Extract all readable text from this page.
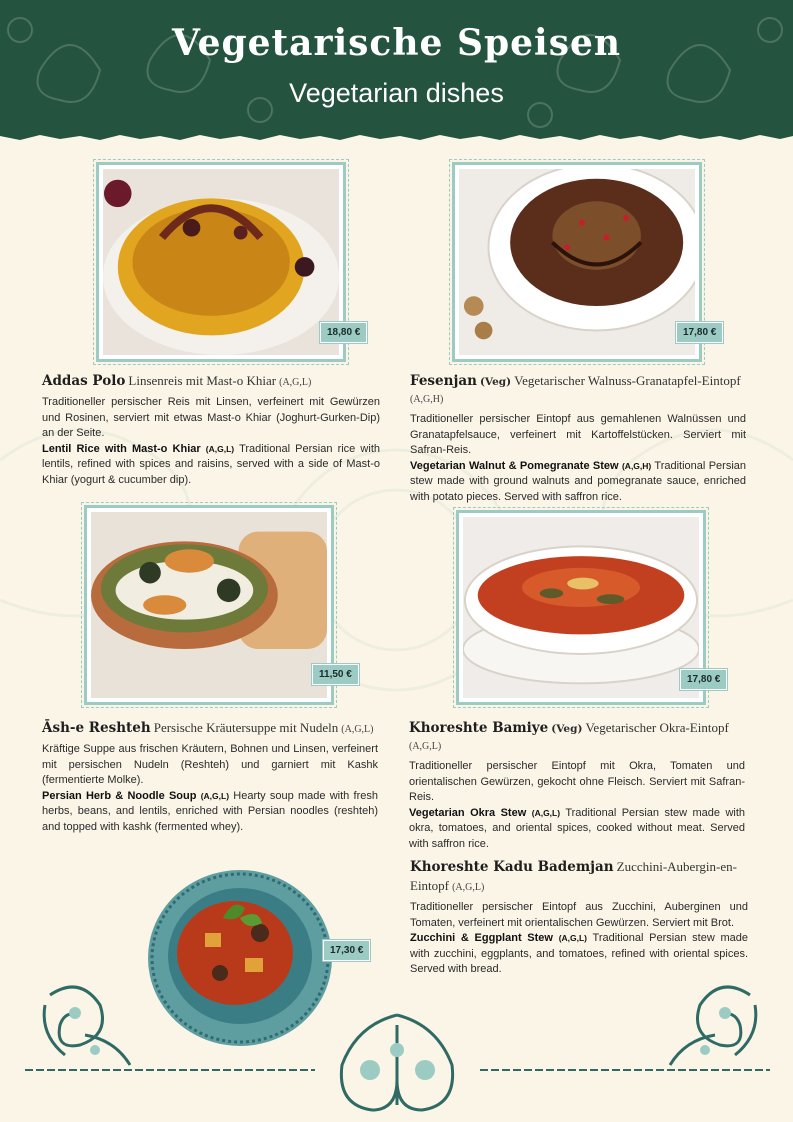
Vegetarische Speisen
Vegetarian dishes
18,80 €
Addas Polo Linsenreis mit Mast-o Khiar (A,G,L)
Traditioneller persischer Reis mit Linsen, verfeinert mit Gewürzen und Rosinen, serviert mit etwas Mast-o Khiar (Joghurt-Gurken-Dip) an der Seite.
Lentil Rice with Mast-o Khiar (A,G,L) Traditional Persian rice with lentils, refined with spices and raisins, served with a side of Mast-o Khiar (yogurt & cucumber dip).
17,80 €
Fesenjan (Veg) Vegetarischer Walnuss-Granatapfel-Eintopf (A,G,H)
Traditioneller persischer Eintopf aus gemahlenen Walnüssen und Granatapfelsauce, verfeinert mit Kartoffelstücken. Serviert mit Safran-Reis.
Vegetarian Walnut & Pomegranate Stew (A,G,H) Traditional Persian stew made with ground walnuts and pomegranate sauce, enriched with potato pieces. Served with saffron rice.
11,50 €
Āsh-e Reshteh Persische Kräutersuppe mit Nudeln (A,G,L)
Kräftige Suppe aus frischen Kräutern, Bohnen und Linsen, verfeinert mit persischen Nudeln (Reshteh) und garniert mit Kashk (fermentierte Molke).
Persian Herb & Noodle Soup (A,G,L) Hearty soup made with fresh herbs, beans, and lentils, enriched with Persian noodles (reshteh) and topped with kashk (fermented whey).
17,80 €
Khoreshte Bamiye (Veg) Vegetarischer Okra-Eintopf (A,G,L)
Traditioneller persischer Eintopf mit Okra, Tomaten und orientalischen Gewürzen, gekocht ohne Fleisch. Serviert mit Safran-Reis.
Vegetarian Okra Stew (A,G,L) Traditional Persian stew made with okra, tomatoes, and oriental spices, cooked without meat. Served with saffron rice.
17,30 €
Khoreshte Kadu Bademjan Zucchini-Aubergin-en-Eintopf (A,G,L)
Traditioneller persischer Eintopf aus Zucchini, Auberginen und Tomaten, verfeinert mit orientalischen Gewürzen. Serviert mit Brot.
Zucchini & Eggplant Stew (A,G,L) Traditional Persian stew made with zucchini, eggplants, and tomatoes, refined with oriental spices. Served with bread.
